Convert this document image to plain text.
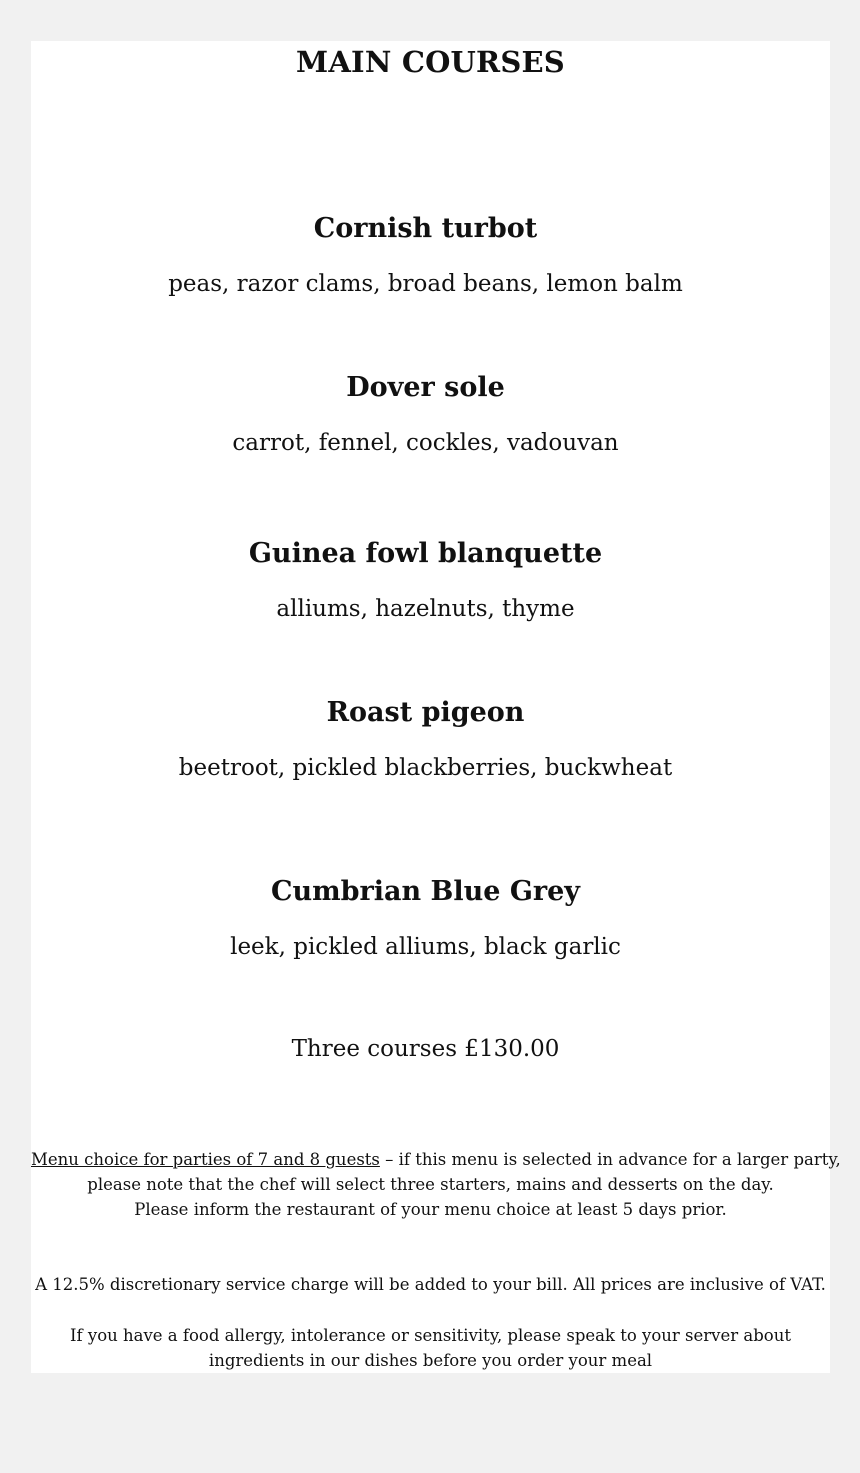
MAIN COURSES
Cornish turbot
peas, razor clams, broad beans, lemon balm
Dover sole
carrot, fennel, cockles, vadouvan
Guinea fowl blanquette
alliums, hazelnuts, thyme
Roast pigeon
beetroot, pickled blackberries, buckwheat
Cumbrian Blue Grey
leek, pickled alliums, black garlic
Three courses £130.00
Menu choice for parties of 7 and 8 guests – if this menu is selected in advance for a larger party,
please note that the chef will select three starters, mains and desserts on the day.
Please inform the restaurant of your menu choice at least 5 days prior.
A 12.5% discretionary service charge will be added to your bill. All prices are inclusive of VAT.
If you have a food allergy, intolerance or sensitivity, please speak to your server about
ingredients in our dishes before you order your meal
